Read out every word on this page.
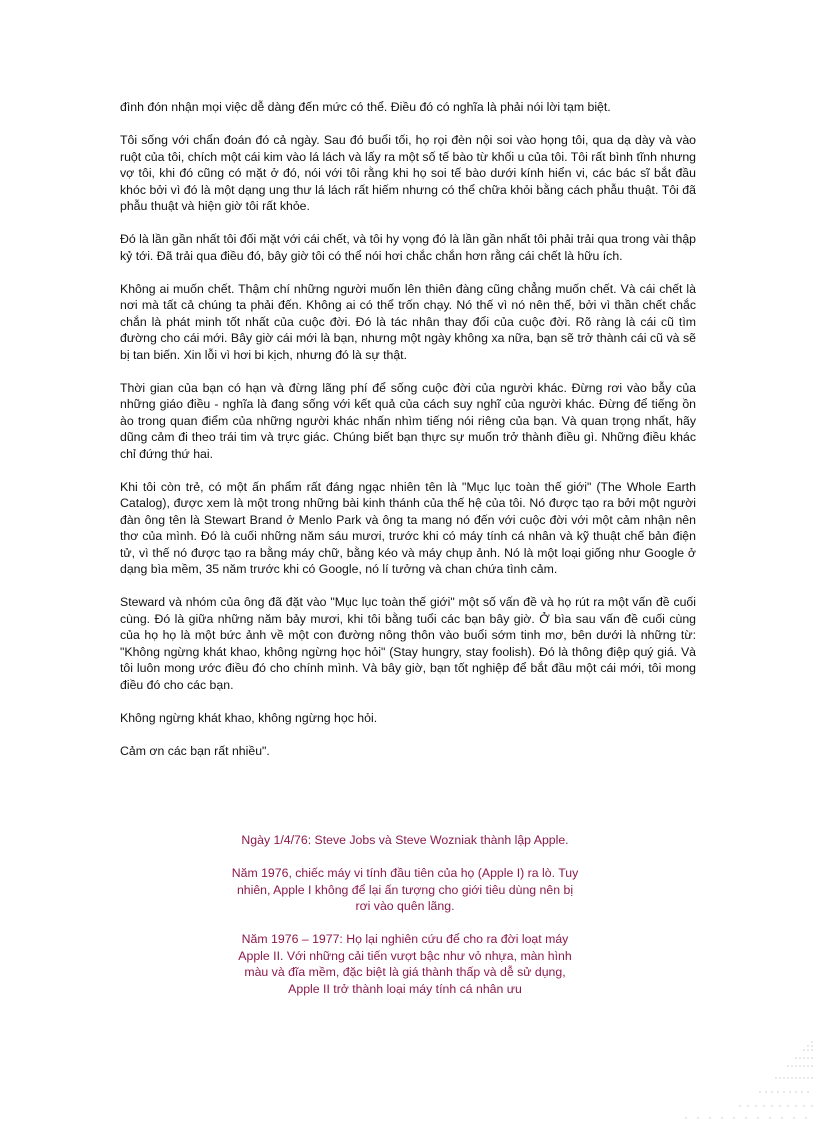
đình đón nhận mọi việc dễ dàng đến mức có thể. Điều đó có nghĩa là phải nói lời tạm biệt.

Tôi sống với chẩn đoán đó cả ngày. Sau đó buổi tối, họ rọi đèn nội soi vào họng tôi, qua dạ dày và vào ruột của tôi, chích một cái kim vào lá lách và lấy ra một số tế bào từ khối u của tôi. Tôi rất bình tĩnh nhưng vợ tôi, khi đó cũng có mặt ở đó, nói với tôi rằng khi họ soi tế bào dưới kính hiển vi, các bác sĩ bắt đầu khóc bởi vì đó là một dạng ung thư lá lách rất hiếm nhưng có thể chữa khỏi bằng cách phẫu thuật. Tôi đã phẫu thuật và hiện giờ tôi rất khỏe.

Đó là lần gần nhất tôi đối mặt với cái chết, và tôi hy vọng đó là lần gần nhất tôi phải trải qua trong vài thập kỷ tới. Đã trải qua điều đó, bây giờ tôi có thể nói hơi chắc chắn hơn rằng cái chết là hữu ích.

Không ai muốn chết. Thậm chí những người muốn lên thiên đàng cũng chẳng muốn chết. Và cái chết là nơi mà tất cả chúng ta phải đến. Không ai có thể trốn chạy. Nó thế vì nó nên thế, bởi vì thần chết chắc chắn là phát minh tốt nhất của cuộc đời. Đó là tác nhân thay đổi của cuộc đời. Rõ ràng là cái cũ tìm đường cho cái mới. Bây giờ cái mới là bạn, nhưng một ngày không xa nữa, bạn sẽ trở thành cái cũ và sẽ bị tan biến. Xin lỗi vì hơi bi kịch, nhưng đó là sự thật.

Thời gian của bạn có hạn và đừng lãng phí để sống cuộc đời của người khác. Đừng rơi vào bẫy của những giáo điều - nghĩa là đang sống với kết quả của cách suy nghĩ của người khác. Đừng để tiếng ồn ào trong quan điểm của những người khác nhấn nhìm tiếng nói riêng của bạn. Và quan trọng nhất, hãy dũng cảm đi theo trái tim và trực giác. Chúng biết bạn thực sự muốn trở thành điều gì. Những điều khác chỉ đứng thứ hai.

Khi tôi còn trẻ, có một ấn phẩm rất đáng ngạc nhiên tên là "Mục lục toàn thế giới" (The Whole Earth Catalog), được xem là một trong những bài kinh thánh của thế hệ của tôi. Nó được tạo ra bởi một người đàn ông tên là Stewart Brand ở Menlo Park và ông ta mang nó đến với cuộc đời với một cảm nhận nên thơ của mình. Đó là cuối những năm sáu mươi, trước khi có máy tính cá nhân và kỹ thuật chế bản điện tử, vì thế nó được tạo ra bằng máy chữ, bằng kéo và máy chụp ảnh. Nó là một loại giống như Google ở dạng bìa mềm, 35 năm trước khi có Google, nó lí tưởng và chan chứa tình cảm.

Steward và nhóm của ông đã đặt vào "Mục lục toàn thế giới" một số vấn đề và họ rút ra một vấn đề cuối cùng. Đó là giữa những năm bảy mươi, khi tôi bằng tuổi các bạn bây giờ. Ở bìa sau vấn đề cuối cùng của họ họ là một bức ảnh về một con đường nông thôn vào buổi sớm tinh mơ, bên dưới là những từ: "Không ngừng khát khao, không ngừng học hỏi" (Stay hungry, stay foolish). Đó là thông điệp quý giá. Và tôi luôn mong ước điều đó cho chính mình. Và bây giờ, bạn tốt nghiệp để bắt đầu một cái mới, tôi mong điều đó cho các bạn.

Không ngừng khát khao, không ngừng học hỏi.

Cảm ơn các bạn rất nhiều".

Ngày 1/4/76: Steve Jobs và Steve Wozniak thành lập Apple.

Năm 1976, chiếc máy vi tính đầu tiên của họ (Apple I) ra lò. Tuy nhiên, Apple I không để lại ấn tượng cho giới tiêu dùng nên bị rơi vào quên lãng.

Năm 1976 – 1977: Họ lại nghiên cứu để cho ra đời loạt máy Apple II. Với những cải tiến vượt bậc như vỏ nhựa, màn hình màu và đĩa mềm, đặc biệt là giá thành thấp và dễ sử dụng, Apple II trở thành loại máy tính cá nhân ưu
